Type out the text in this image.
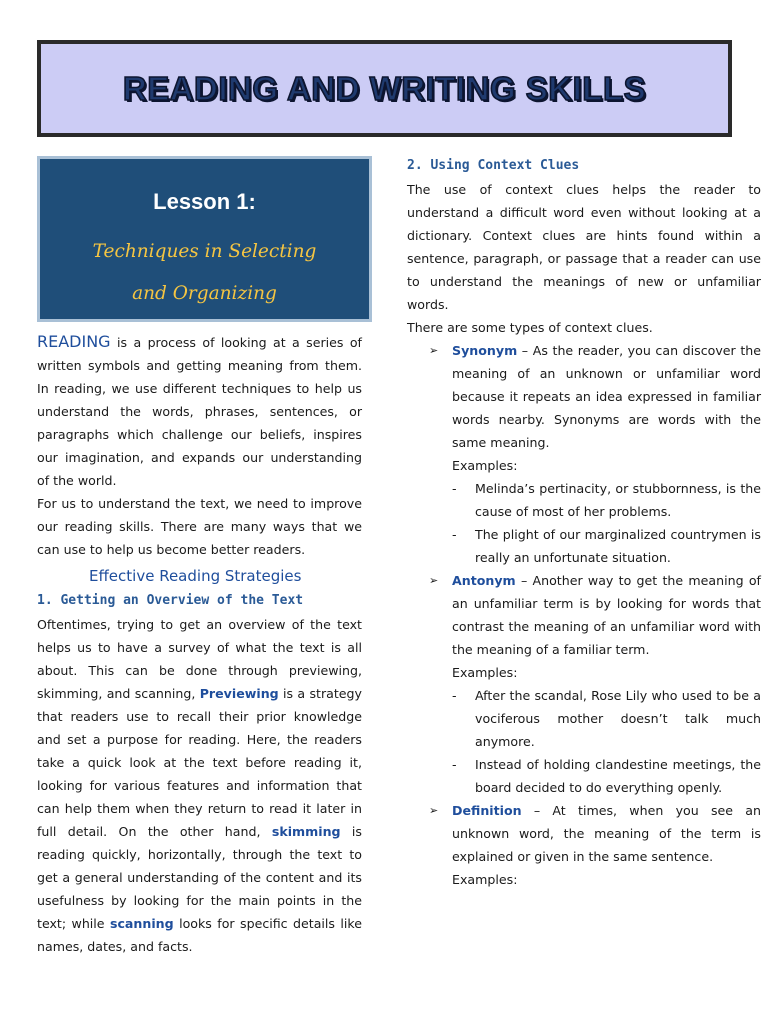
READING AND WRITING SKILLS
Lesson 1:
Techniques in Selecting
and Organizing

READING is a process of looking at a series of written symbols and getting meaning from them. In reading, we use different techniques to help us understand the words, phrases, sentences, or paragraphs which challenge our beliefs, inspires our imagination, and expands our understanding of the world.

For us to understand the text, we need to improve our reading skills. There are many ways that we can use to help us become better readers.

Effective Reading Strategies
1. Getting an Overview of the Text

Oftentimes, trying to get an overview of the text helps us to have a survey of what the text is all about. This can be done through previewing, skimming, and scanning, Previewing is a strategy that readers use to recall their prior knowledge and set a purpose for reading. Here, the readers take a quick look at the text before reading it, looking for various features and information that can help them when they return to read it later in full detail. On the other hand, skimming is reading quickly, horizontally, through the text to get a general understanding of the content and its usefulness by looking for the main points in the text; while scanning looks for specific details like names, dates, and facts.

2. Using Context Clues

The use of context clues helps the reader to understand a difficult word even without looking at a dictionary. Context clues are hints found within a sentence, paragraph, or passage that a reader can use to understand the meanings of new or unfamiliar words.

There are some types of context clues.

➢ Synonym – As the reader, you can discover the meaning of an unknown or unfamiliar word because it repeats an idea expressed in familiar words nearby. Synonyms are words with the same meaning.

Examples:
- Melinda’s pertinacity, or stubbornness, is the cause of most of her problems.

- The plight of our marginalized countrymen is really an unfortunate situation.

➢ Antonym – Another way to get the meaning of an unfamiliar term is by looking for words that contrast the meaning of an unfamiliar word with the meaning of a familiar term.

Examples:
- After the scandal, Rose Lily who used to be a vociferous mother doesn’t talk much anymore.

- Instead of holding clandestine meetings, the board decided to do everything openly.

➢ Definition – At times, when you see an unknown word, the meaning of the term is explained or given in the same sentence.

Examples:
